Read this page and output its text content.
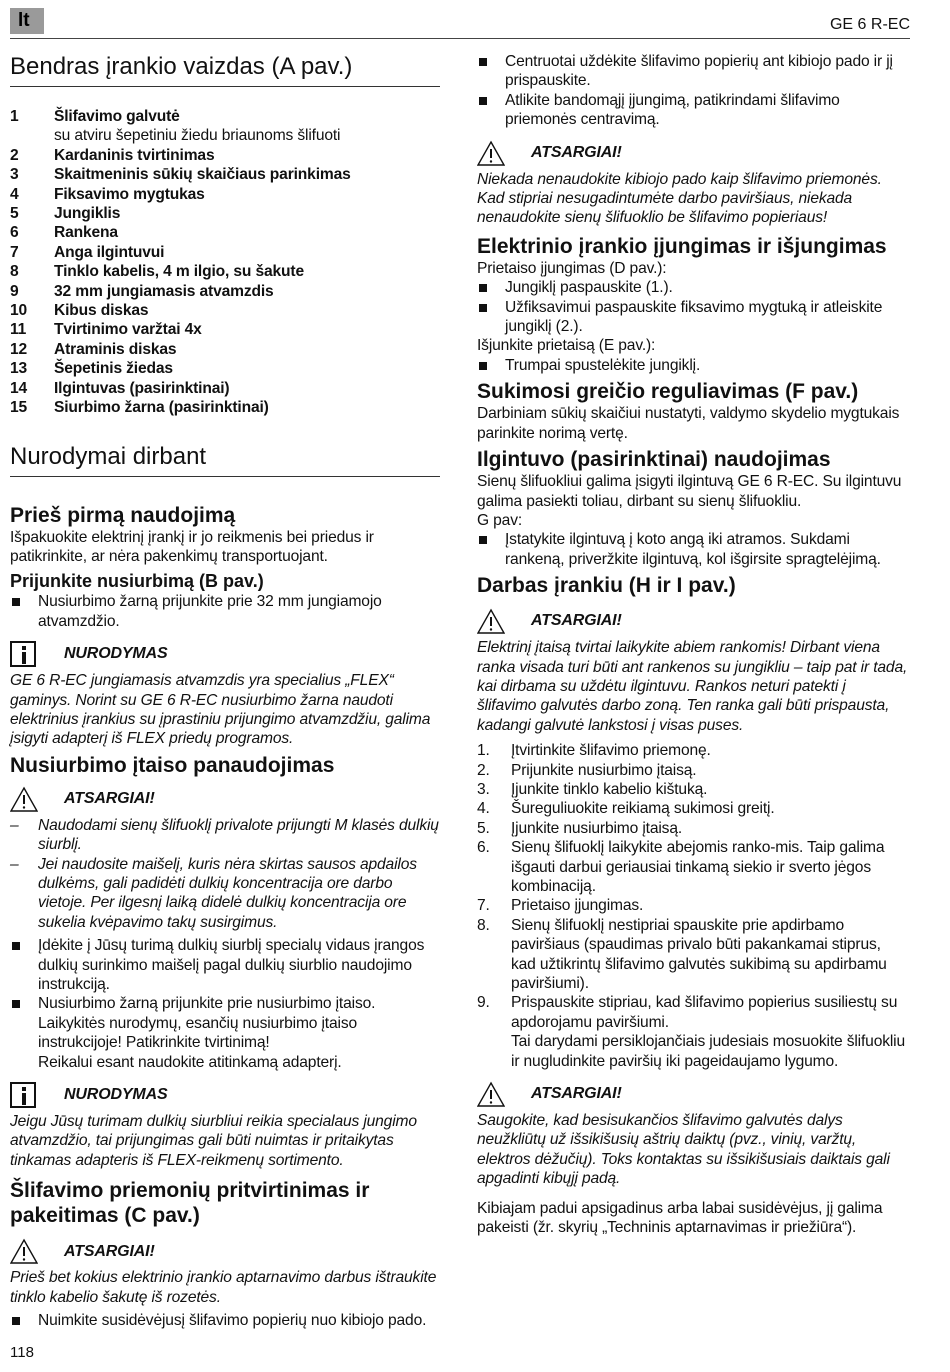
lt	GE 6 R-EC
Bendras įrankio vaizdas (A pav.)
1	Šlifavimo galvutė
su atviru šepetiniu žiedu briaunoms šlifuoti
2	Kardaninis tvirtinimas
3	Skaitmeninis sūkių skaičiaus parinkimas
4	Fiksavimo mygtukas
5	Jungiklis
6	Rankena
7	Anga ilgintuvui
8	Tinklo kabelis, 4 m ilgio, su šakute
9	32 mm jungiamasis atvamzdis
10	Kibus diskas
11	Tvirtinimo varžtai 4x
12	Atraminis diskas
13	Šepetinis žiedas
14	Ilgintuvas (pasirinktinai)
15	Siurbimo žarna (pasirinktinai)
Nurodymai dirbant
Prieš pirmą naudojimą

Išpakuokite elektrinį įrankį ir jo reikmenis bei priedus ir patikrinkite, ar nėra pakenkimų transportuojant.

Prijunkite nusiurbimą (B pav.)
Nusiurbimo žarną prijunkite prie 32 mm jungiamojo atvamzdžio.
NURODYMAS

GE 6 R-EC jungiamasis atvamzdis yra specialius „FLEX“ gaminys. Norint su GE 6 R-EC nusiurbimo žarna naudoti elektrinius įrankius su įprastiniu prijungimo atvamzdžiu, galima įsigyti adapterį iš FLEX priedų programos.

Nusiurbimo įtaiso panaudojimas
ATSARGIAI!
–	Naudodami sienų šlifuoklį privalote prijungti M klasės dulkių siurblį.
–	Jei naudosite maišelį, kuris nėra skirtas sausos apdailos dulkėms, gali padidėti dulkių koncentracija ore darbo vietoje. Per ilgesnį laiką didelė dulkių koncentracija ore sukelia kvėpavimo takų susirgimus.
Įdėkite į Jūsų turimą dulkių siurblį specialų vidaus įrangos dulkių surinkimo maišelį pagal dulkių siurblio naudojimo instrukciją.
Nusiurbimo žarną prijunkite prie nusiurbimo įtaiso. Laikykitės nurodymų, esančių nusiurbimo įtaiso instrukcijoje! Patikrinkite tvirtinimą!
Reikalui esant naudokite atitinkamą adapterį.
NURODYMAS

Jeigu Jūsų turimam dulkių siurbliui reikia specialaus jungimo atvamzdžio, tai prijungimas gali būti nuimtas ir pritaikytas tinkamas adapteris iš FLEX-reikmenų sortimento.

Šlifavimo priemonių pritvirtinimas ir pakeitimas (C pav.)
ATSARGIAI!

Prieš bet kokius elektrinio įrankio aptarnavimo darbus ištraukite tinklo kabelio šakutę iš rozetės.

Nuimkite susidėvėjusį šlifavimo popierių nuo kibiojo pado.
Centruotai uždėkite šlifavimo popierių ant kibiojo pado ir jį prispauskite.
Atlikite bandomąjį įjungimą, patikrindami šlifavimo priemonės centravimą.
ATSARGIAI!

Niekada nenaudokite kibiojo pado kaip šlifavimo priemonės. Kad stipriai nesugadintumėte darbo paviršiaus, niekada nenaudokite sienų šlifuoklio be šlifavimo popieriaus!

Elektrinio įrankio įjungimas ir išjungimas

Prietaiso įjungimas (D pav.):

Jungiklį paspauskite (1.).
Užfiksavimui paspauskite fiksavimo mygtuką ir atleiskite jungiklį (2.).

Išjunkite prietaisą (E pav.):

Trumpai spustelėkite jungiklį.
Sukimosi greičio reguliavimas (F pav.)

Darbiniam sūkių skaičiui nustatyti, valdymo skydelio mygtukais parinkite norimą vertę.

Ilgintuvo (pasirinktinai) naudojimas

Sienų šlifuokliui galima įsigyti ilgintuvą GE 6 R-EC. Su ilgintuvu galima pasiekti toliau, dirbant su sienų šlifuokliu.

G pav:

Įstatykite ilgintuvą į koto angą iki atramos. Sukdami rankeną, priveržkite ilgintuvą, kol išgirsite spragtelėjimą.
Darbas įrankiu (H ir I pav.)
ATSARGIAI!

Elektrinį įtaisą tvirtai laikykite abiem rankomis! Dirbant viena ranka visada turi būti ant rankenos su jungikliu – taip pat ir tada, kai dirbama su uždėtu ilgintuvu. Rankos neturi patekti į šlifavimo galvutės darbo zoną. Ten ranka gali būti prispausta, kadangi galvutė lankstosi į visas puses.

1.	Įtvirtinkite šlifavimo priemonę.
2.	Prijunkite nusiurbimo įtaisą.
3.	Įjunkite tinklo kabelio kištuką.
4.	Šureguliuokite reikiamą sukimosi greitį.
5.	Įjunkite nusiurbimo įtaisą.
6.	Sienų šlifuoklį laikykite abejomis ranko-mis. Taip galima išgauti darbui geriausiai tinkamą siekio ir sverto jėgos kombinaciją.
7.	Prietaiso įjungimas.
8.	Sienų šlifuoklį nestipriai spauskite prie apdirbamo paviršiaus (spaudimas privalo būti pakankamai stiprus, kad užtikrintų šlifavimo galvutės sukibimą su apdirbamu paviršiumi).
9.	Prispauskite stipriau, kad šlifavimo popierius susiliestų su apdorojamu paviršiumi.
Tai darydami persiklojančiais judesiais mosuokite šlifuokliu ir nugludinkite paviršių iki pageidaujamo lygumo.
ATSARGIAI!

Saugokite, kad besisukančios šlifavimo galvutės dalys neužkliūtų už išsikišusių aštrių daiktų (pvz., vinių, varžtų, elektros dėžučių). Toks kontaktas su išsikišusiais daiktais gali apgadinti kibųjį padą.

Kibiajam padui apsigadinus arba labai susidėvėjus, jį galima pakeisti (žr. skyrių „Techninis aptarnavimas ir priežiūra“).

118
